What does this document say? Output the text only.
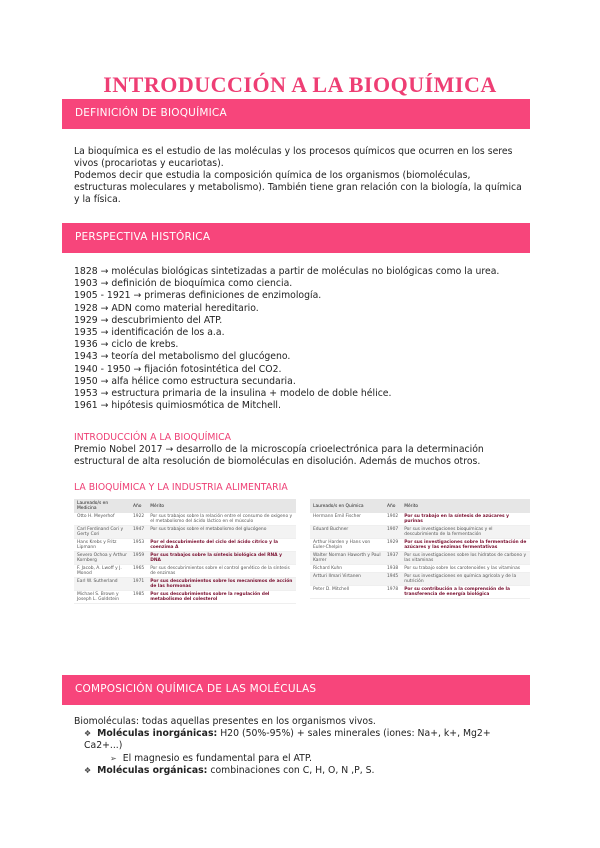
INTRODUCCIÓN A LA BIOQUÍMICA
DEFINICIÓN DE BIOQUÍMICA

La bioquímica es el estudio de las moléculas y los procesos químicos que ocurren en los seres
vivos (procariotas y eucariotas).
Podemos decir que estudia la composición química de los organismos (biomoléculas,
estructuras moleculares y metabolismo). También tiene gran relación con la biología, la química
y la física.

PERSPECTIVA HISTÓRICA
1828 → moléculas biológicas sintetizadas a partir de moléculas no biológicas como la urea.
1903 → definición de bioquímica como ciencia.
1905 - 1921 → primeras definiciones de enzimología.
1928 → ADN como material hereditario.
1929 → descubrimiento del ATP.
1935 → identificación de los a.a.
1936 → ciclo de krebs.
1943 → teoría del metabolismo del glucógeno.
1940 - 1950 → fijación fotosintética del CO2.
1950 → alfa hélice como estructura secundaria.
1953 → estructura primaria de la insulina + modelo de doble hélice.
1961 → hipótesis quimiosmótica de Mitchell.
INTRODUCCIÓN A LA BIOQUÍMICA

Premio Nobel 2017 → desarrollo de la microscopía crioelectrónica para la determinación
estructural de alta resolución de biomoléculas en disolución. Además de muchos otros.

LA BIOQUÍMICA Y LA INDUSTRIA ALIMENTARIA
Laureado/s en Medicina	Año	Mérito
Otto H. Meyerhof	1922	Por sus trabajos sobre la relación entre el consumo de oxígeno y el metabolismo del ácido láctico en el músculo
Carl Ferdinand Cori y Gerty Cori	1947	Por sus trabajos sobre el metabolismo del glucógeno
Hans Krebs y Fritz Lipmann	1953	Por el descubrimiento del ciclo del ácido cítrico y la coenzima A
Severo Ochoa y Arthur Kornberg	1959	Por sus trabajos sobre la síntesis biológica del RNA y DNA
F. Jacob, A. Lwoff y J. Monod	1965	Por sus descubrimientos sobre el control genético de la síntesis de enzimas
Earl W. Sutherland	1971	Por sus descubrimientos sobre los mecanismos de acción de las hormonas
Michael S. Brown y Joseph L. Goldstein	1985	Por sus descubrimientos sobre la regulación del metabolismo del colesterol
Laureado/s en Química	Año	Mérito
Hermann Emil Fischer	1902	Por su trabajo en la síntesis de azúcares y purinas
Eduard Buchner	1907	Por sus investigaciones bioquímicas y el descubrimiento de la fermentación
Arthur Harden y Hans von Euler-Chelpin	1929	Por sus investigaciones sobre la fermentación de azúcares y las enzimas fermentativas
Walter Norman Haworth y Paul Karrer	1937	Por sus investigaciones sobre los hidratos de carbono y las vitaminas
Richard Kuhn	1938	Por su trabajo sobre los carotenoides y las vitaminas
Artturi Ilmari Virtanen	1945	Por sus investigaciones en química agrícola y de la nutrición
Peter D. Mitchell	1978	Por su contribución a la comprensión de la transferencia de energía biológica
COMPOSICIÓN QUÍMICA DE LAS MOLÉCULAS
Biomoléculas: todas aquellas presentes en los organismos vivos.
❖ Moléculas inorgánicas: H20 (50%-95%) + sales minerales (iones: Na+, k+, Mg2+ Ca2+...)
➢ El magnesio es fundamental para el ATP.
❖ Moléculas orgánicas: combinaciones con C, H, O, N ,P, S.
